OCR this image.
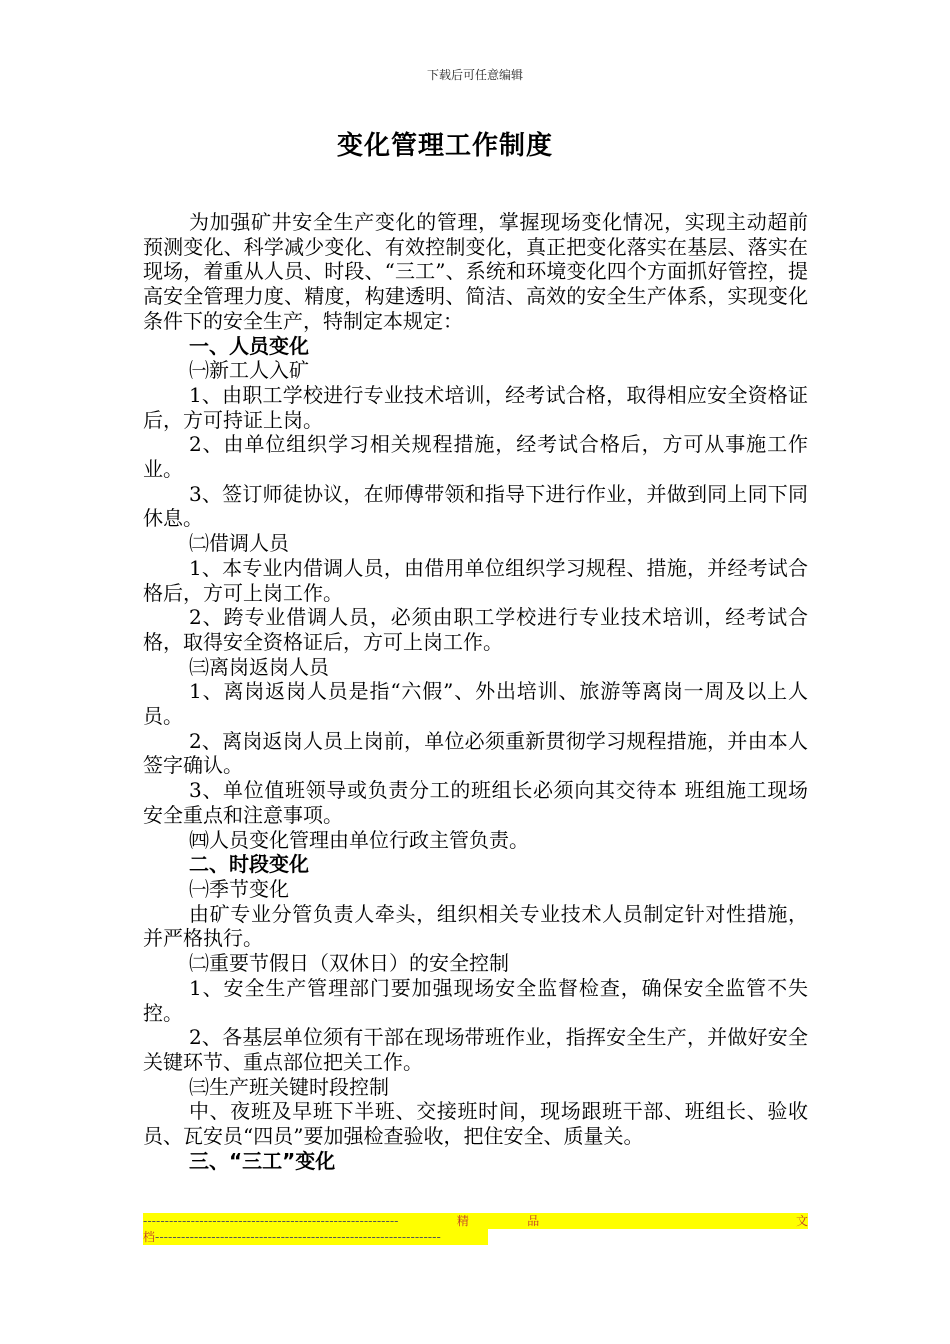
下载后可任意编辑
变化管理工作制度

为加强矿井安全生产变化的管理，掌握现场变化情况，实现主动超前预测变化、科学减少变化、有效控制变化，真正把变化落实在基层、落实在现场，着重从人员、时段、“三工”、系统和环境变化四个方面抓好管控，提高安全管理力度、精度，构建透明、简洁、高效的安全生产体系，实现变化条件下的安全生产，特制定本规定：

一、人员变化

㈠新工人入矿

1、由职工学校进行专业技术培训，经考试合格，取得相应安全资格证后，方可持证上岗。

2、由单位组织学习相关规程措施，经考试合格后，方可从事施工作业。

3、签订师徒协议，在师傅带领和指导下进行作业，并做到同上同下同休息。

㈡借调人员

1、本专业内借调人员，由借用单位组织学习规程、措施，并经考试合格后，方可上岗工作。

2、跨专业借调人员，必须由职工学校进行专业技术培训，经考试合格，取得安全资格证后，方可上岗工作。

㈢离岗返岗人员

1、离岗返岗人员是指“六假”、外出培训、旅游等离岗一周及以上人员。

2、离岗返岗人员上岗前，单位必须重新贯彻学习规程措施，并由本人签字确认。

3、单位值班领导或负责分工的班组长必须向其交待本 班组施工现场安全重点和注意事项。

㈣人员变化管理由单位行政主管负责。

二、时段变化

㈠季节变化

由矿专业分管负责人牵头，组织相关专业技术人员制定针对性措施，并严格执行。

㈡重要节假日（双休日）的安全控制

1、安全生产管理部门要加强现场安全监督检查，确保安全监管不失控。

2、各基层单位须有干部在现场带班作业，指挥安全生产，并做好安全关键环节、重点部位把关工作。

㈢生产班关键时段控制

中、夜班及早班下半班、交接班时间，现场跟班干部、班组长、验收员、瓦安员“四员”要加强检查验收，把住安全、质量关。

三、“三工”变化

-----------------------------------------------------------	精	品	文
档------------------------------------------------------------------
